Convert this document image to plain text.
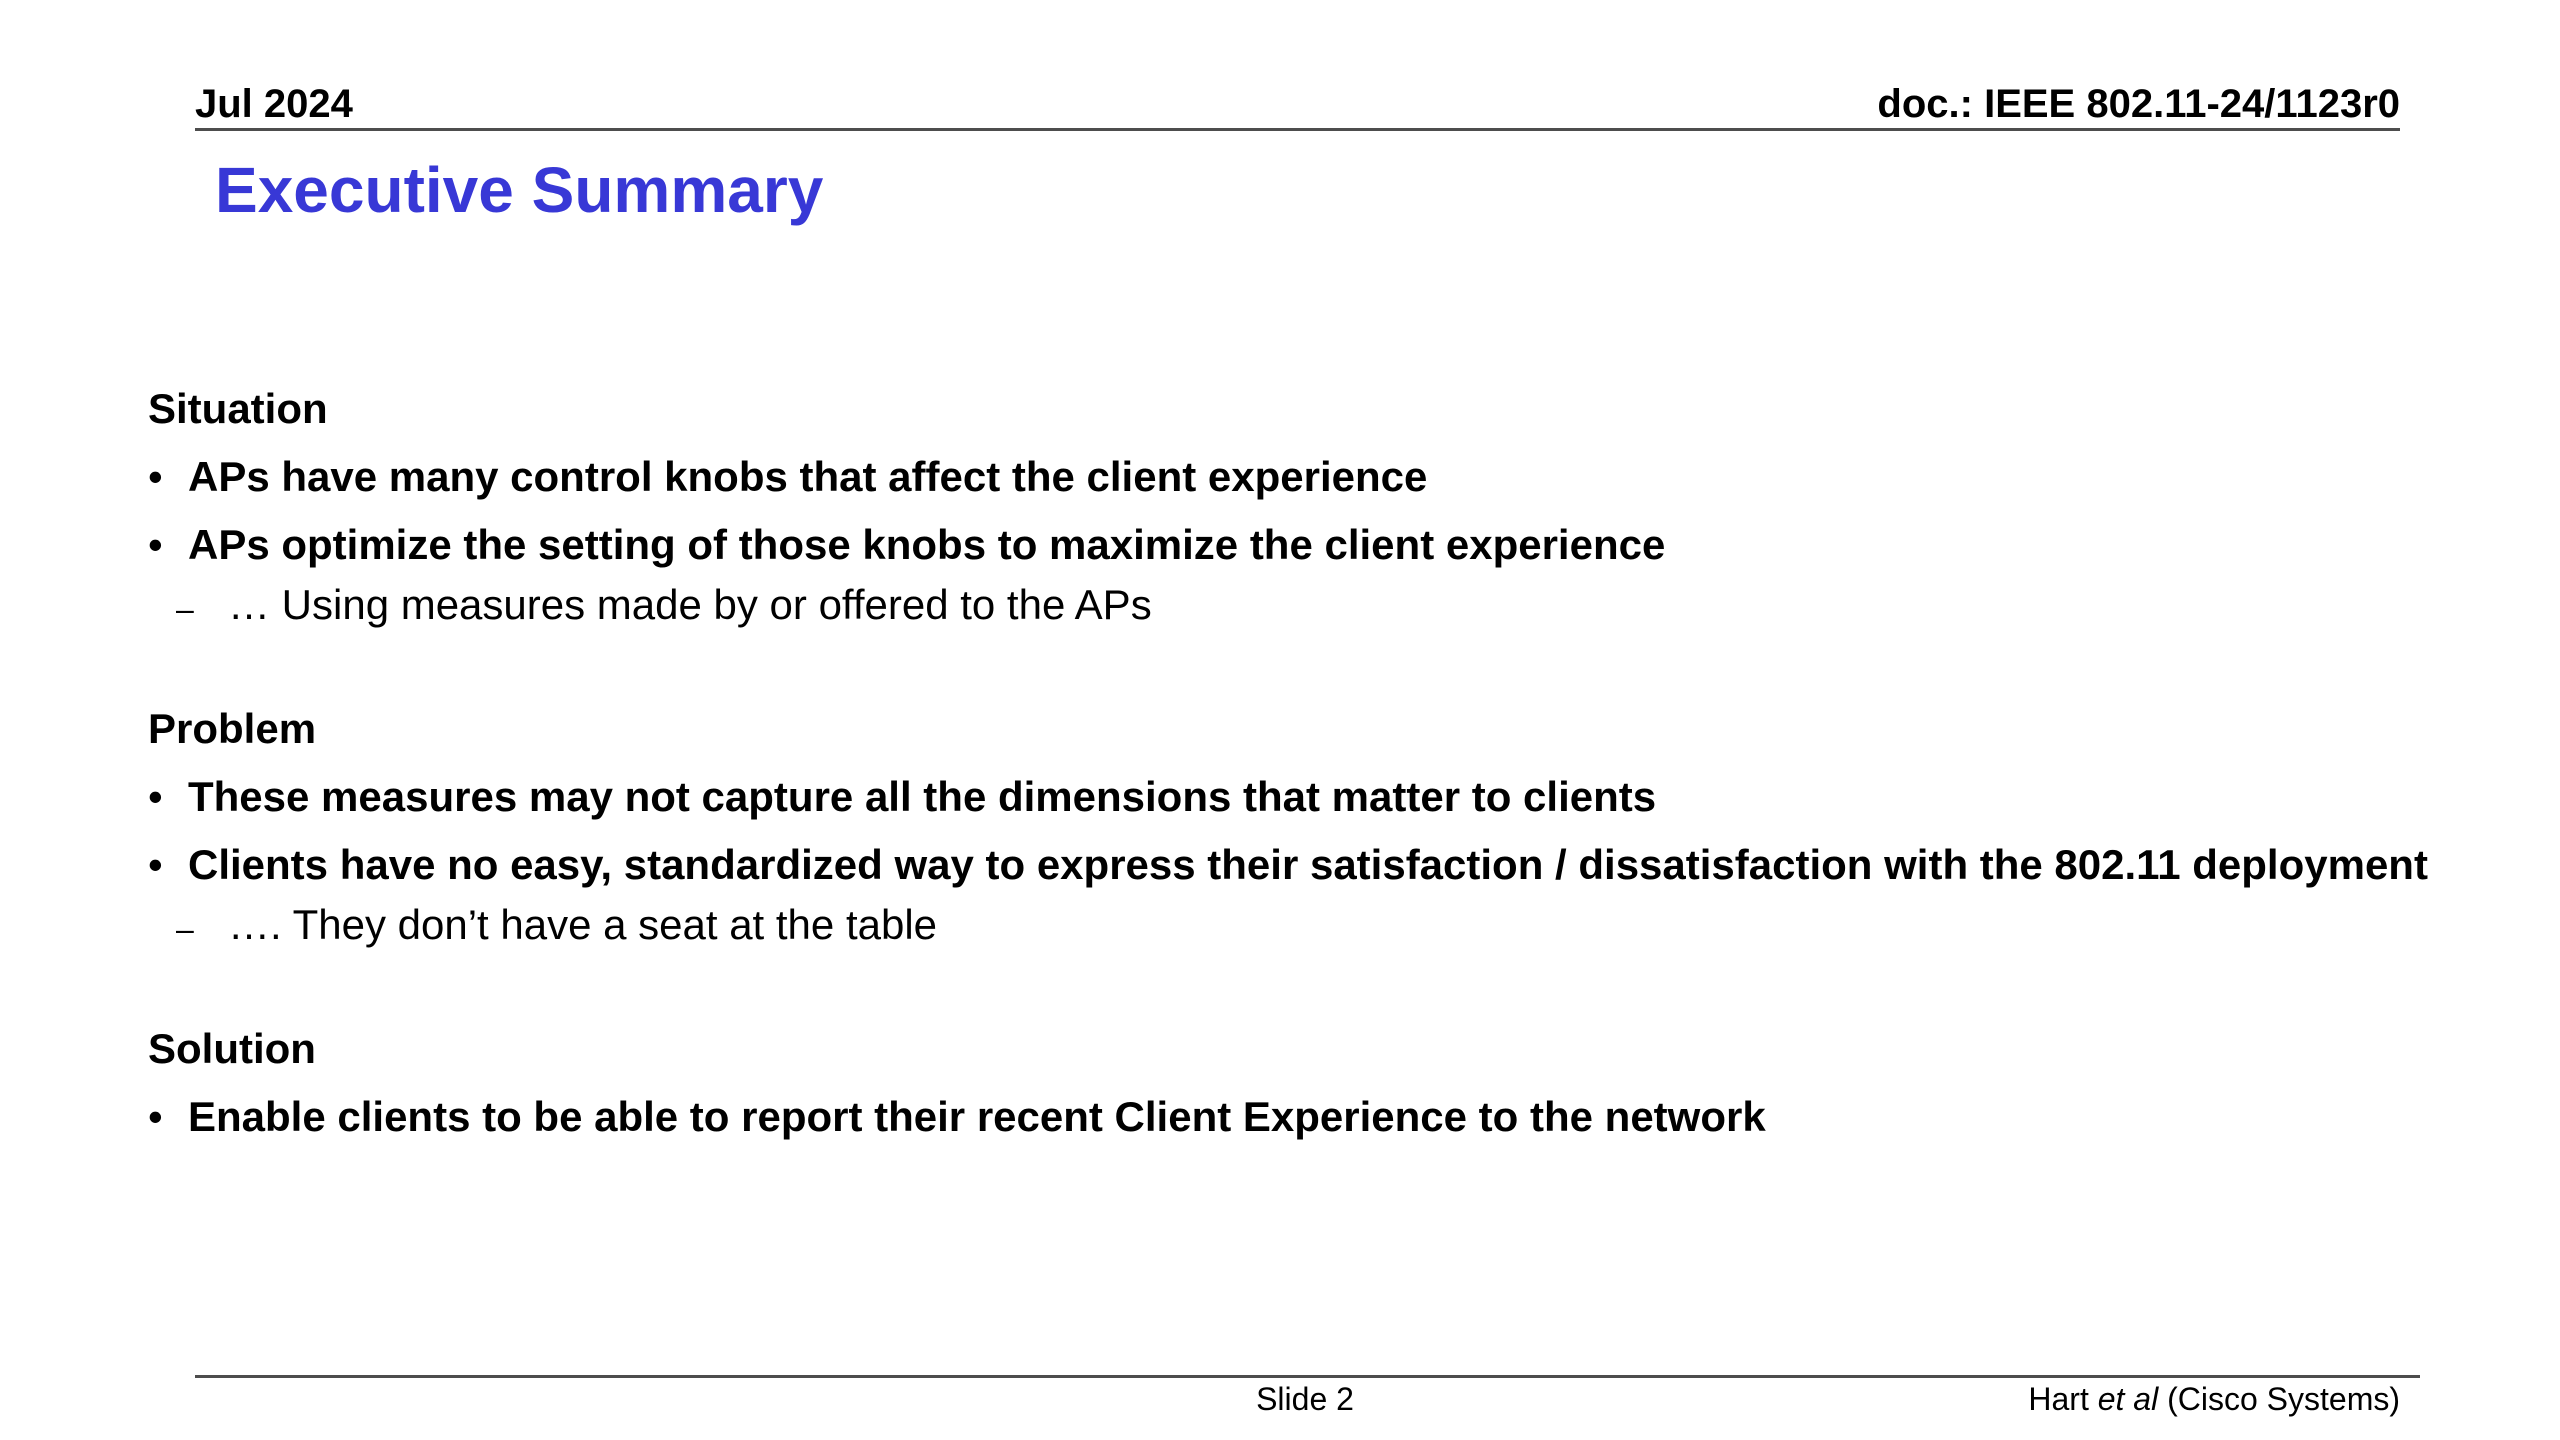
Jul 2024	doc.: IEEE 802.11-24/1123r0
Executive Summary
Situation
• APs have many control knobs that affect the client experience
• APs optimize the setting of those knobs to maximize the client experience
– … Using measures made by or offered to the APs
Problem
• These measures may not capture all the dimensions that matter to clients
• Clients have no easy, standardized way to express their satisfaction / dissatisfaction with the 802.11 deployment
– …. They don’t have a seat at the table
Solution
• Enable clients to be able to report their recent Client Experience to the network
Slide 2	Hart et al (Cisco Systems)
